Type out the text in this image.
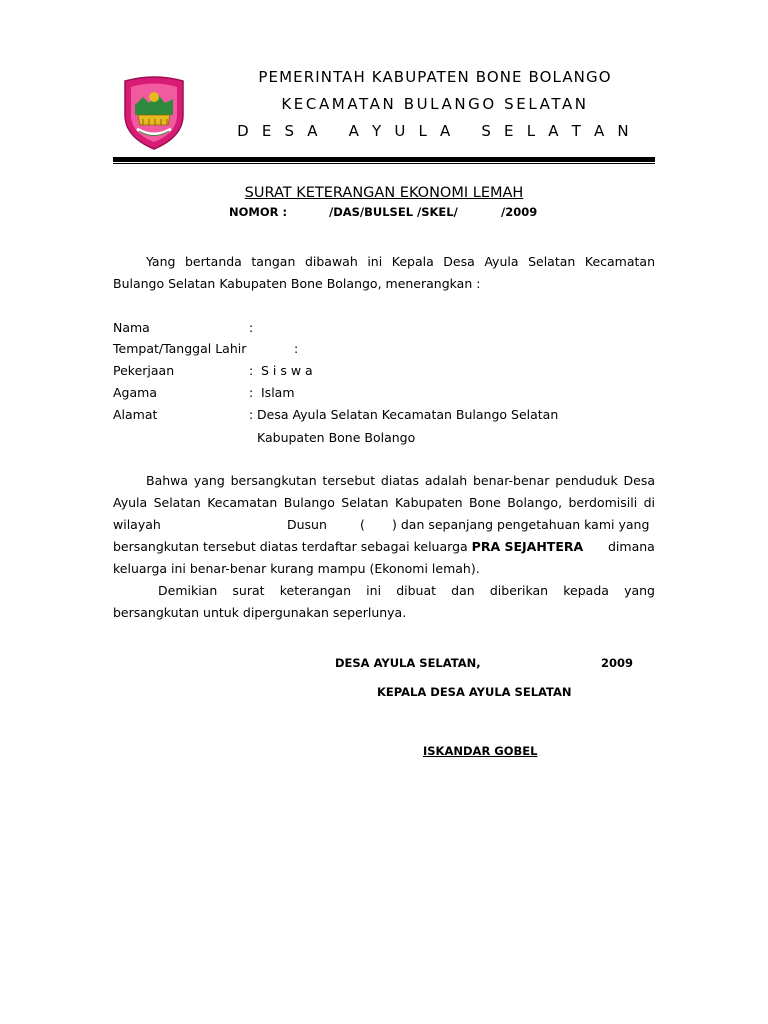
PEMERINTAH KABUPATEN BONE BOLANGO
KECAMATAN BULANGO SELATAN
D E S A   A Y U L A   S E L A T A N
SURAT KETERANGAN EKONOMI LEMAH
NOMOR :	/DAS/BULSEL /SKEL/	/2009
Yang bertanda tangan dibawah ini Kepala Desa Ayula Selatan Kecamatan
Bulango Selatan Kabupaten Bone Bolango, menerangkan :
Nama	:
Tempat/Tanggal Lahir	:
Pekerjaan	: S i s w a
Agama	: Islam
Alamat	: Desa Ayula Selatan Kecamatan Bulango Selatan
Kabupaten Bone Bolango
Bahwa yang bersangkutan tersebut diatas adalah benar-benar penduduk Desa
Ayula Selatan Kecamatan Bulango Selatan Kabupaten Bone Bolango, berdomisili di
wilayah	Dusun	( ) dan sepanjang pengetahuan kami yang
bersangkutan tersebut diatas terdaftar sebagai keluarga PRA SEJAHTERA dimana
keluarga ini benar-benar kurang mampu (Ekonomi lemah).
Demikian surat keterangan ini dibuat dan diberikan kepada yang
bersangkutan untuk dipergunakan seperlunya.
DESA AYULA SELATAN,	2009
KEPALA DESA AYULA SELATAN
ISKANDAR GOBEL
